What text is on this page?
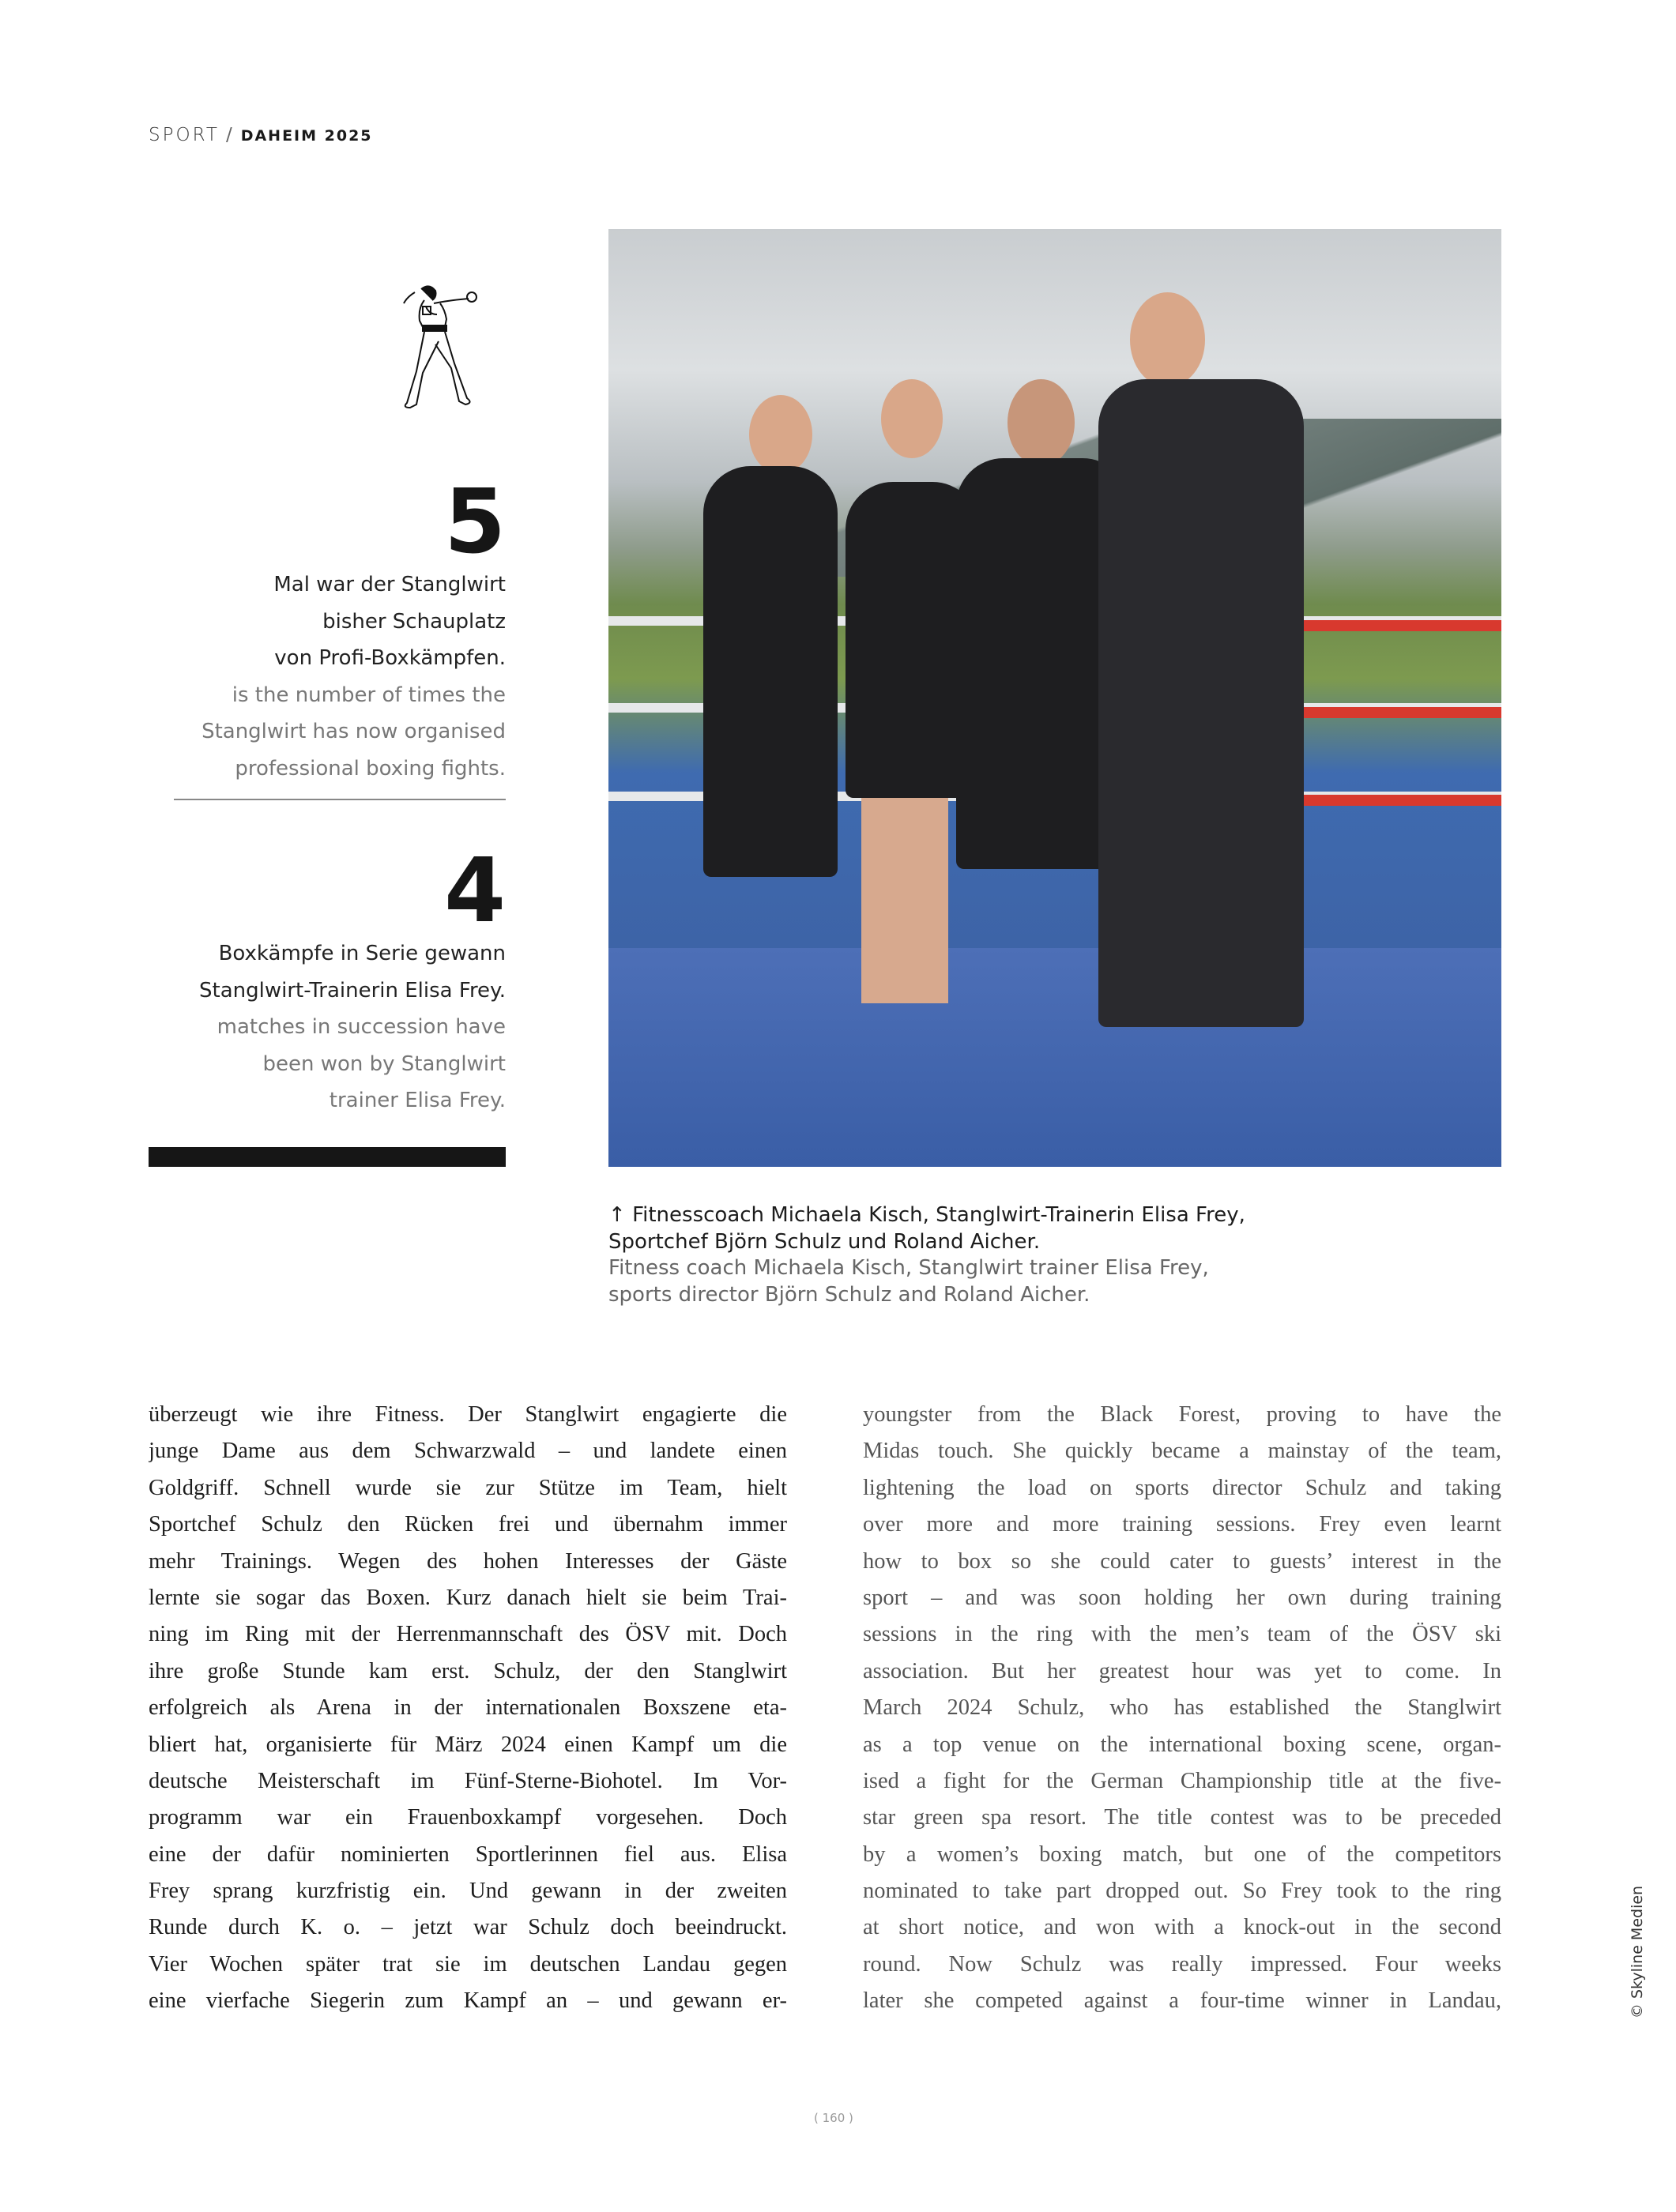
SPORT / DAHEIM 2025
5
Mal war der Stanglwirt
bisher Schauplatz
von Profi-Boxkämpfen.
is the number of times the
Stanglwirt has now organised
professional boxing fights.
4
Boxkämpfe in Serie gewann
Stanglwirt-Trainerin Elisa Frey.
matches in succession have
been won by Stanglwirt
trainer Elisa Frey.
↑ Fitnesscoach Michaela Kisch, Stanglwirt-Trainerin Elisa Frey,
Sportchef Björn Schulz und Roland Aicher.
Fitness coach Michaela Kisch, Stanglwirt trainer Elisa Frey,
sports director Björn Schulz and Roland Aicher.
überzeugt wie ihre Fitness. Der Stanglwirt engagierte die
junge Dame aus dem Schwarzwald – und landete einen
Goldgriff. Schnell wurde sie zur Stütze im Team, hielt
Sportchef Schulz den Rücken frei und übernahm immer
mehr Trainings. Wegen des hohen Interesses der Gäste
lernte sie sogar das Boxen. Kurz danach hielt sie beim Trai-
ning im Ring mit der Herrenmannschaft des ÖSV mit. Doch
ihre große Stunde kam erst. Schulz, der den Stanglwirt
erfolgreich als Arena in der internationalen Boxszene eta-
bliert hat, organisierte für März 2024 einen Kampf um die
deutsche Meisterschaft im Fünf-Sterne-Biohotel. Im Vor-
programm war ein Frauenboxkampf vorgesehen. Doch
eine der dafür nominierten Sportlerinnen fiel aus. Elisa
Frey sprang kurzfristig ein. Und gewann in der zweiten
Runde durch K. o. – jetzt war Schulz doch beeindruckt.
Vier Wochen später trat sie im deutschen Landau gegen
eine vierfache Siegerin zum Kampf an – und gewann er-
youngster from the Black Forest, proving to have the
Midas touch. She quickly became a mainstay of the team,
lightening the load on sports director Schulz and taking
over more and more training sessions. Frey even learnt
how to box so she could cater to guests’ interest in the
sport – and was soon holding her own during training
sessions in the ring with the men’s team of the ÖSV ski
association. But her greatest hour was yet to come. In
March 2024 Schulz, who has established the Stanglwirt
as a top venue on the international boxing scene, organ-
ised a fight for the German Championship title at the five-
star green spa resort. The title contest was to be preceded
by a women’s boxing match, but one of the competitors
nominated to take part dropped out. So Frey took to the ring
at short notice, and won with a knock-out in the second
round. Now Schulz was really impressed. Four weeks
later she competed against a four-time winner in Landau,
( 160 )
© Skyline Medien
